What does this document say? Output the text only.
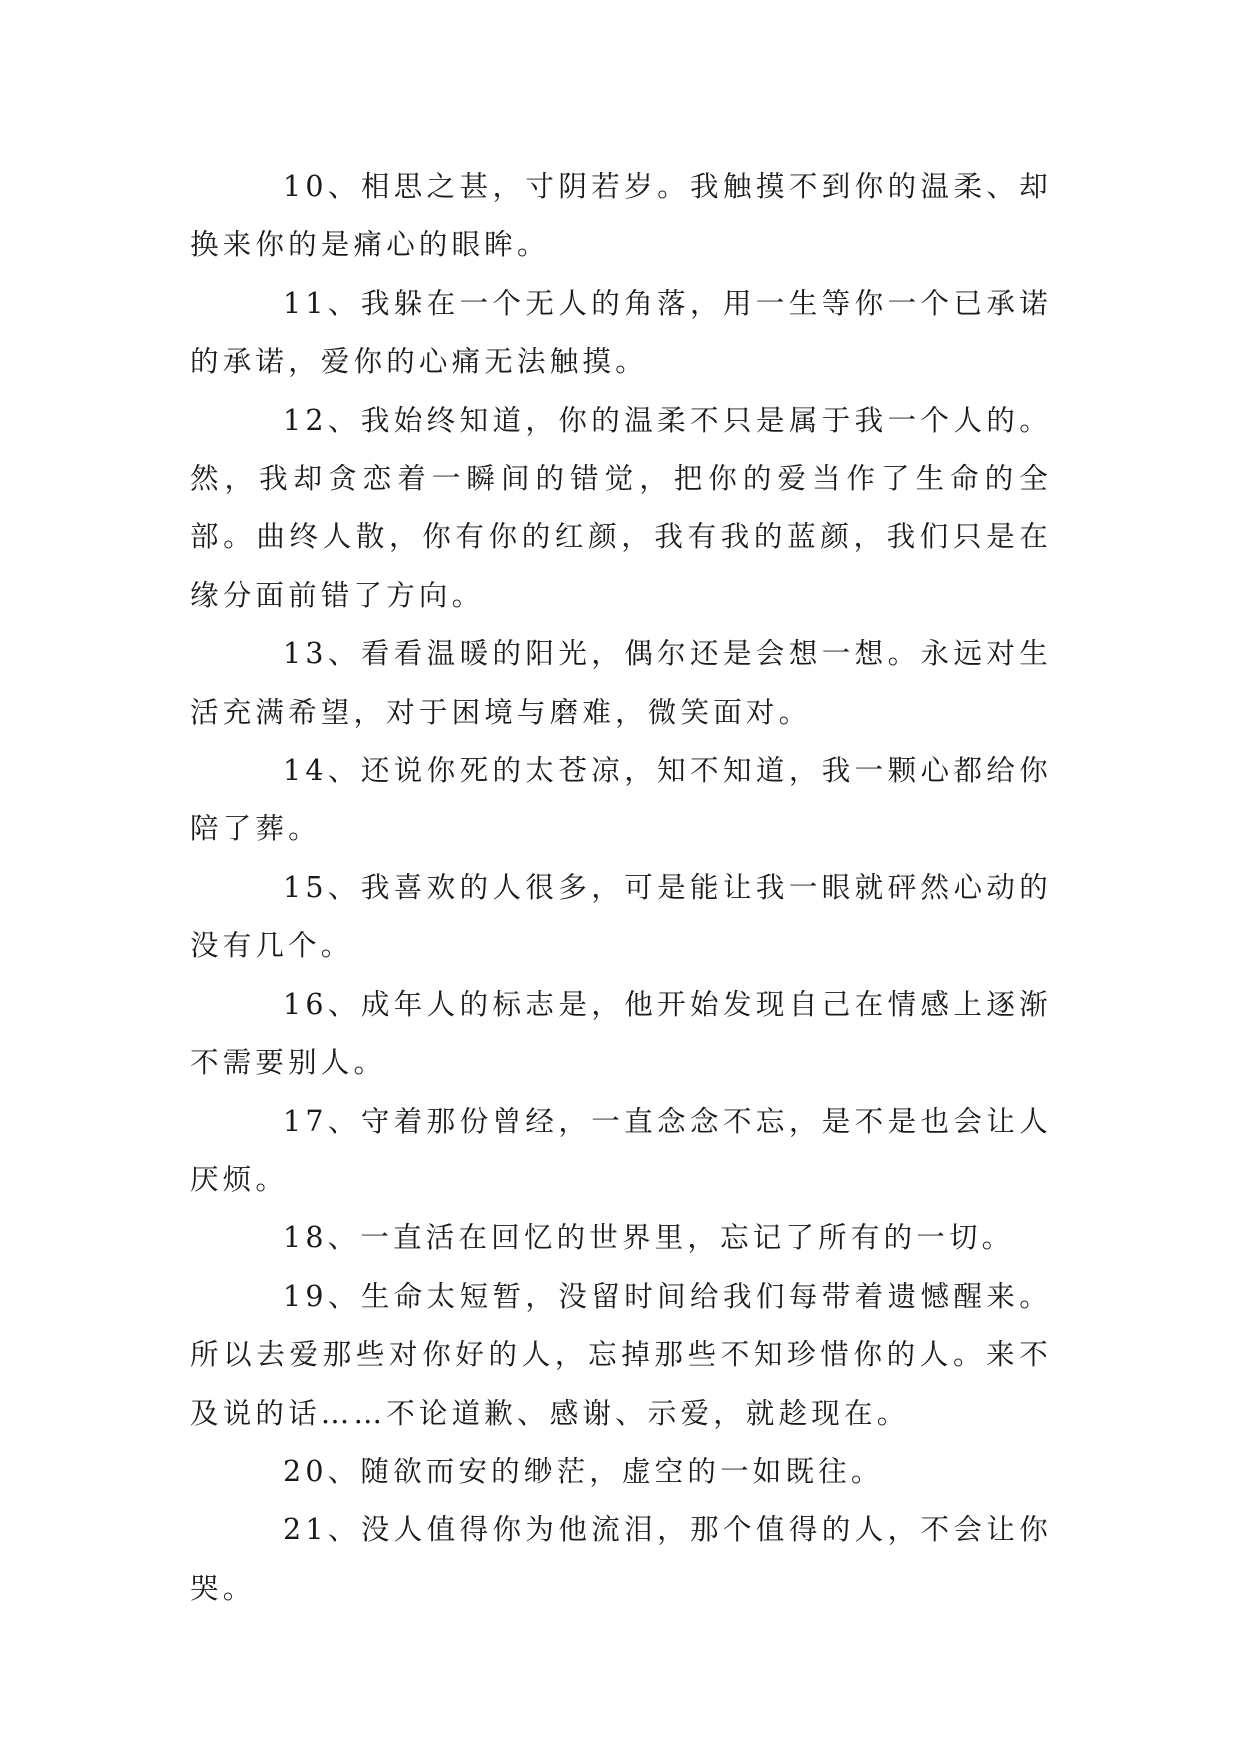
10、相思之甚，寸阴若岁。我触摸不到你的温柔、却换来你的是痛心的眼眸。

11、我躲在一个无人的角落，用一生等你一个已承诺的承诺，爱你的心痛无法触摸。

12、我始终知道，你的温柔不只是属于我一个人的。然，我却贪恋着一瞬间的错觉，把你的爱当作了生命的全部。曲终人散，你有你的红颜，我有我的蓝颜，我们只是在缘分面前错了方向。

13、看看温暖的阳光，偶尔还是会想一想。永远对生活充满希望，对于困境与磨难，微笑面对。

14、还说你死的太苍凉，知不知道，我一颗心都给你陪了葬。

15、我喜欢的人很多，可是能让我一眼就砰然心动的没有几个。

16、成年人的标志是，他开始发现自己在情感上逐渐不需要别人。

17、守着那份曾经，一直念念不忘，是不是也会让人厌烦。

18、一直活在回忆的世界里，忘记了所有的一切。

19、生命太短暂，没留时间给我们每带着遗憾醒来。所以去爱那些对你好的人，忘掉那些不知珍惜你的人。来不及说的话……不论道歉、感谢、示爱，就趁现在。

20、随欲而安的缈茫，虚空的一如既往。

21、没人值得你为他流泪，那个值得的人，不会让你哭。
